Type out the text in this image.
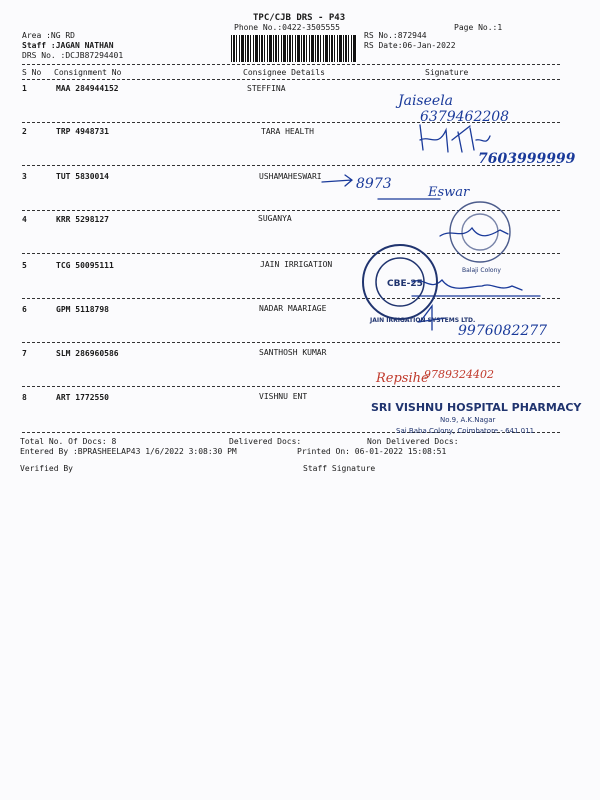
TPC/CJB DRS - P43
Phone No.:0422-3505555	Page No.:1
Area :NG RD
Staff :JAGAN NATHAN
DRS No. :DCJB87294401
RS No.:872944
RS Date:06-Jan-2022
S No Consignment No	Consignee Details	Signature
1	MAA 284944152	STEFFINA
2	TRP 4948731	TARA HEALTH
3	TUT 5830014	USHAMAHESWARI
4	KRR 5298127	SUGANYA
5	TCG 50095111	JAIN IRRIGATION
6	GPM 5118798	NADAR MAARIAGE
7	SLM 286960586	SANTHOSH KUMAR
8	ART 1772550	VISHNU ENT
Total No. Of Docs: 8	Delivered Docs:	Non Delivered Docs:
Entered By :BPRASHEELAP43 1/6/2022 3:08:30 PM	Printed On: 06-01-2022 15:08:51
Verified By	Staff Signature
SRI VISHNU HOSPITAL PHARMACY
No.9, A.K.Nagar
Sai Baba Colony, Coimbatore - 641 011
Jaiseela
6379462208
7603999999
8973
Eswar
9976082277
Repsihe
9789324402
Balaji Colony
JAIN IRRIGATION SYSTEMS LTD.
CBE-25
